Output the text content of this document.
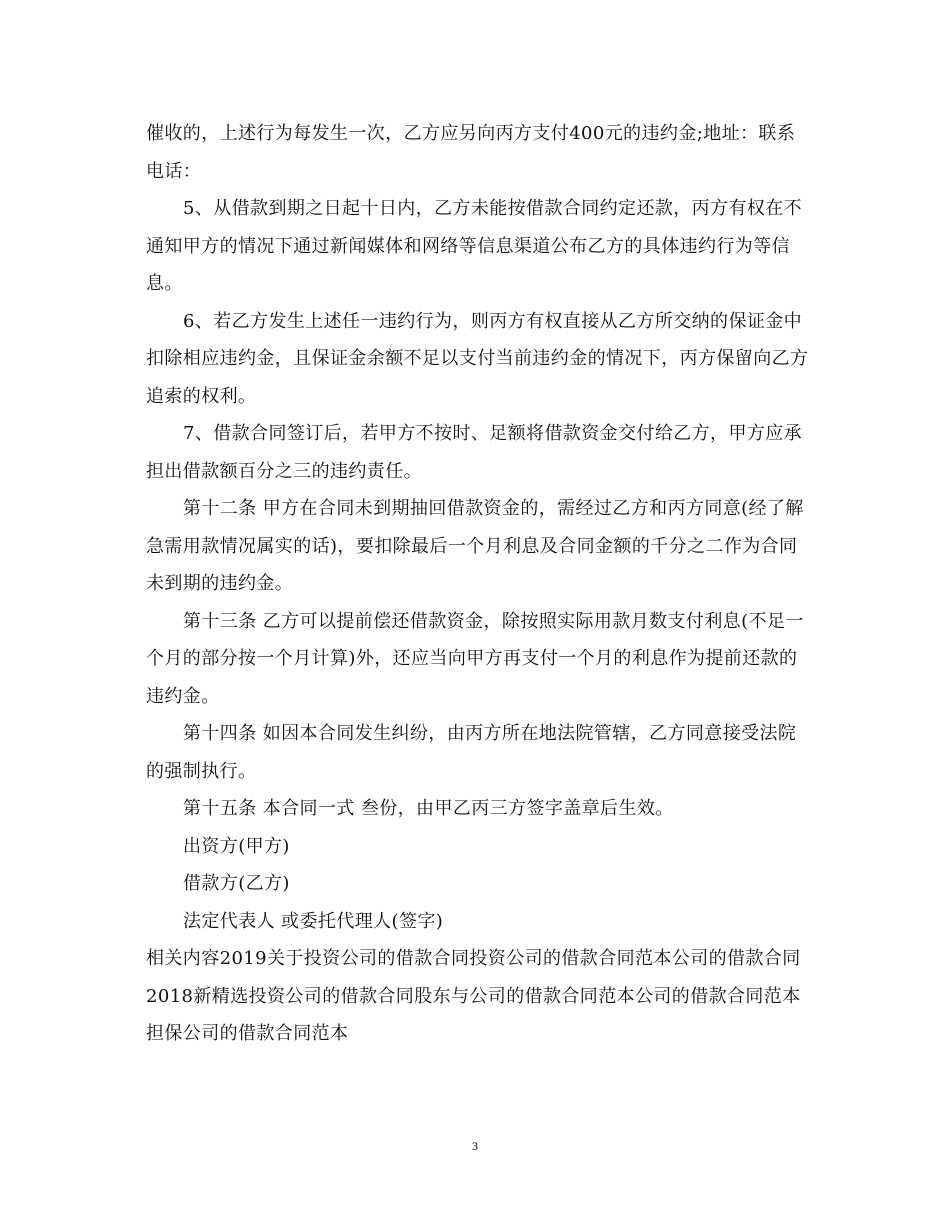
催收的，上述行为每发生一次，乙方应另向丙方支付400元的违约金;地址：联系电话：

5、从借款到期之日起十日内，乙方未能按借款合同约定还款，丙方有权在不通知甲方的情况下通过新闻媒体和网络等信息渠道公布乙方的具体违约行为等信息。

6、若乙方发生上述任一违约行为，则丙方有权直接从乙方所交纳的保证金中扣除相应违约金，且保证金余额不足以支付当前违约金的情况下，丙方保留向乙方追索的权利。

7、借款合同签订后，若甲方不按时、足额将借款资金交付给乙方，甲方应承担出借款额百分之三的违约责任。

第十二条 甲方在合同未到期抽回借款资金的，需经过乙方和丙方同意(经了解急需用款情况属实的话)，要扣除最后一个月利息及合同金额的千分之二作为合同未到期的违约金。

第十三条 乙方可以提前偿还借款资金，除按照实际用款月数支付利息(不足一个月的部分按一个月计算)外，还应当向甲方再支付一个月的利息作为提前还款的违约金。

第十四条 如因本合同发生纠纷，由丙方所在地法院管辖，乙方同意接受法院的强制执行。

第十五条 本合同一式 叁份，由甲乙丙三方签字盖章后生效。

出资方(甲方)

借款方(乙方)

法定代表人 或委托代理人(签字)

相关内容2019关于投资公司的借款合同投资公司的借款合同范本公司的借款合同2018新精选投资公司的借款合同股东与公司的借款合同范本公司的借款合同范本担保公司的借款合同范本

3
